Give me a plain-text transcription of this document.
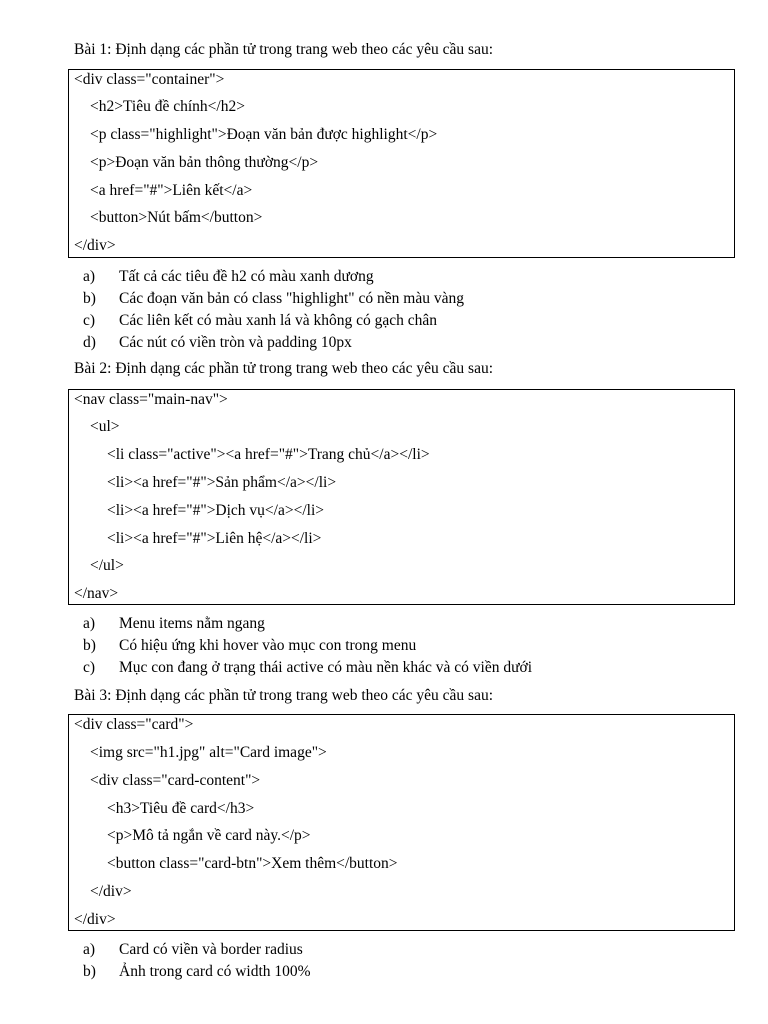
Bài 1: Định dạng các phần tử trong trang web theo các yêu cầu sau:
<div class="container">
<h2>Tiêu đề chính</h2>
<p class="highlight">Đoạn văn bản được highlight</p>
<p>Đoạn văn bản thông thường</p>
<a href="#">Liên kết</a>
<button>Nút bấm</button>
</div>
a) Tất cả các tiêu đề h2 có màu xanh dương
b) Các đoạn văn bản có class "highlight" có nền màu vàng
c) Các liên kết có màu xanh lá và không có gạch chân
d) Các nút có viền tròn và padding 10px
Bài 2: Định dạng các phần tử trong trang web theo các yêu cầu sau:
<nav class="main-nav">
<ul>
<li class="active"><a href="#">Trang chủ</a></li>
<li><a href="#">Sản phẩm</a></li>
<li><a href="#">Dịch vụ</a></li>
<li><a href="#">Liên hệ</a></li>
</ul>
</nav>
a) Menu items nằm ngang
b) Có hiệu ứng khi hover vào mục con trong menu
c) Mục con đang ở trạng thái active có màu nền khác và có viền dưới
Bài 3: Định dạng các phần tử trong trang web theo các yêu cầu sau:
<div class="card">
<img src="h1.jpg" alt="Card image">
<div class="card-content">
<h3>Tiêu đề card</h3>
<p>Mô tả ngắn về card này.</p>
<button class="card-btn">Xem thêm</button>
</div>
</div>
a) Card có viền và border radius
b) Ảnh trong card có width 100%
